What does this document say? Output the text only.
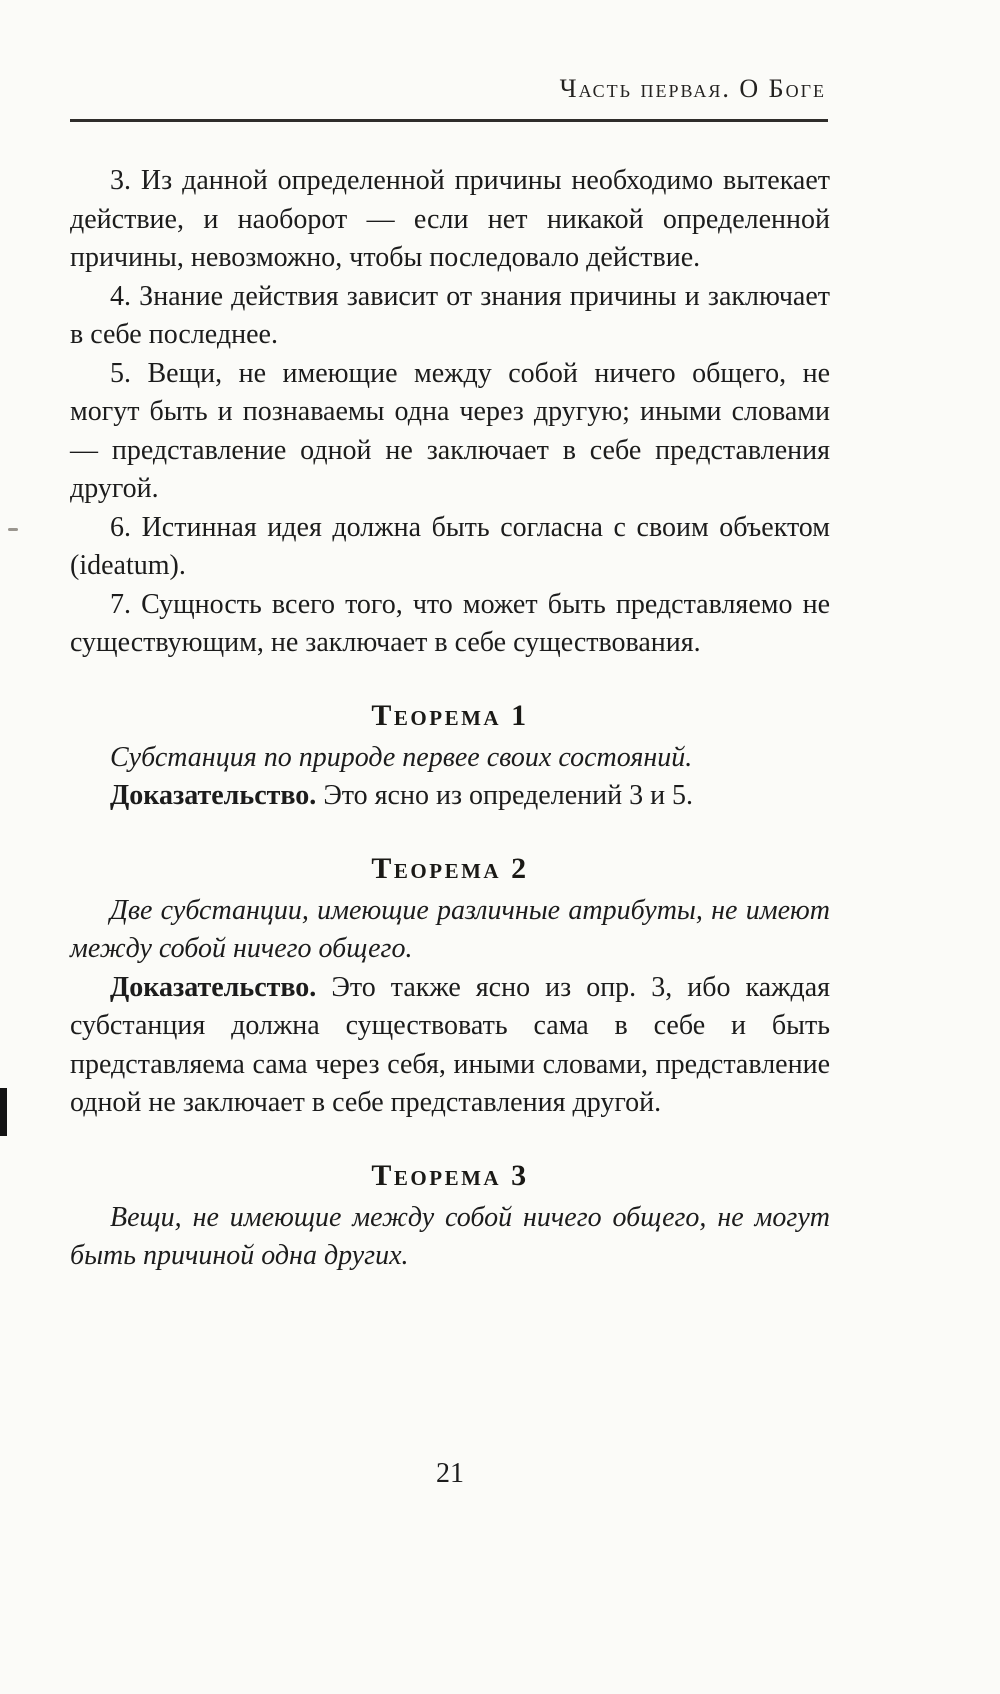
Часть первая. О Боге

3. Из данной определенной причины необходимо вытекает действие, и наоборот — если нет никакой определенной причины, невозможно, чтобы последовало действие.

4. Знание действия зависит от знания причины и заключает в себе последнее.

5. Вещи, не имеющие между собой ничего общего, не могут быть и познаваемы одна через другую; иными словами — представление одной не заключает в себе представления другой.

6. Истинная идея должна быть согласна с своим объектом (ideatum).

7. Сущность всего того, что может быть представляемо не существующим, не заключает в себе существования.

Теорема 1

Субстанция по природе первее своих состояний.

Доказательство. Это ясно из определений 3 и 5.

Теорема 2

Две субстанции, имеющие различные атрибуты, не имеют между собой ничего общего.

Доказательство. Это также ясно из опр. 3, ибо каждая субстанция должна существовать сама в себе и быть представляема сама через себя, иными словами, представление одной не заключает в себе представления другой.

Теорема 3

Вещи, не имеющие между собой ничего общего, не могут быть причиной одна других.

21
